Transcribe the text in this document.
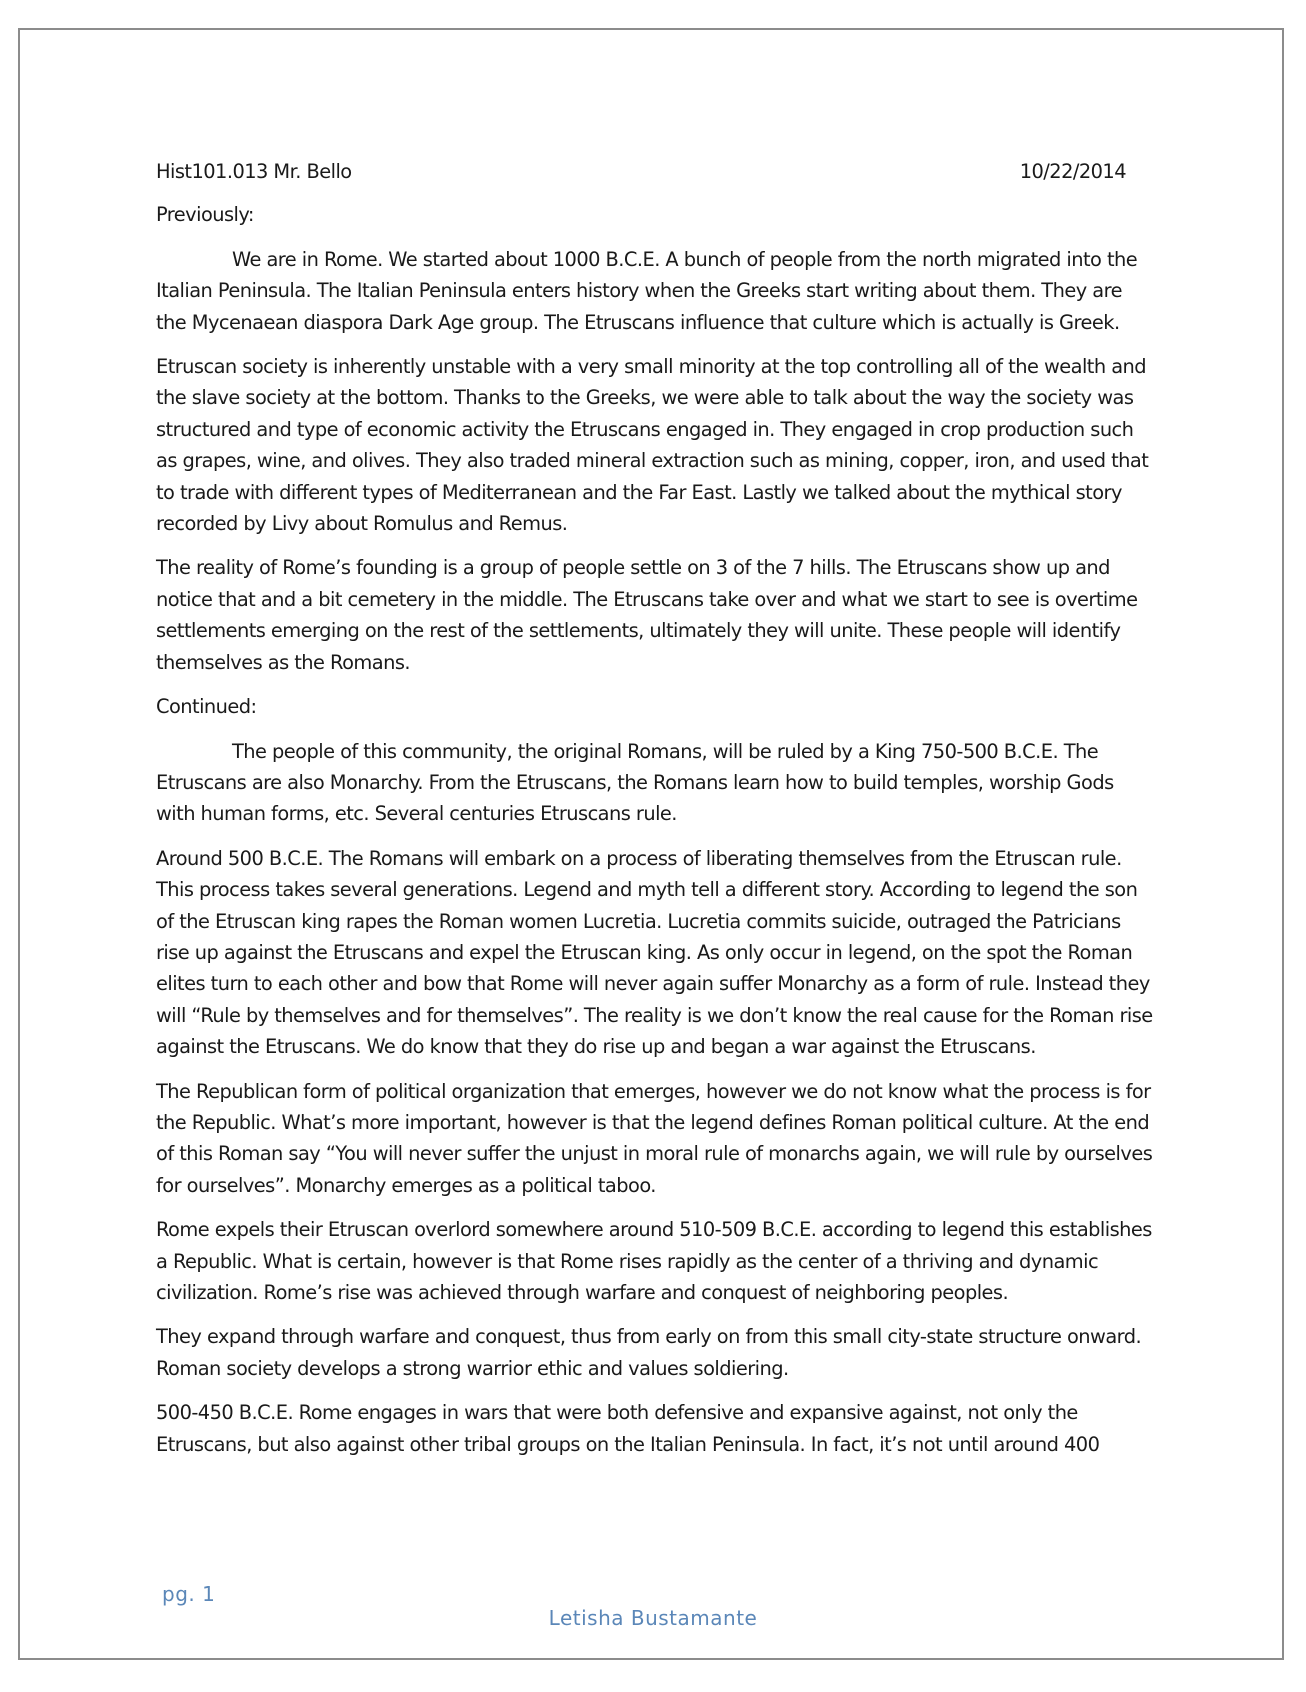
Hist101.013 Mr. Bello	10/22/2014

Previously:

We are in Rome. We started about 1000 B.C.E. A bunch of people from the north migrated into the Italian Peninsula. The Italian Peninsula enters history when the Greeks start writing about them. They are the Mycenaean diaspora Dark Age group. The Etruscans influence that culture which is actually is Greek.

Etruscan society is inherently unstable with a very small minority at the top controlling all of the wealth and the slave society at the bottom. Thanks to the Greeks, we were able to talk about the way the society was structured and type of economic activity the Etruscans engaged in. They engaged in crop production such as grapes, wine, and olives. They also traded mineral extraction such as mining, copper, iron, and used that to trade with different types of Mediterranean and the Far East. Lastly we talked about the mythical story recorded by Livy about Romulus and Remus.

The reality of Rome’s founding is a group of people settle on 3 of the 7 hills. The Etruscans show up and notice that and a bit cemetery in the middle. The Etruscans take over and what we start to see is overtime settlements emerging on the rest of the settlements, ultimately they will unite. These people will identify themselves as the Romans.

Continued:

The people of this community, the original Romans, will be ruled by a King 750-500 B.C.E. The Etruscans are also Monarchy. From the Etruscans, the Romans learn how to build temples, worship Gods with human forms, etc. Several centuries Etruscans rule.

Around 500 B.C.E. The Romans will embark on a process of liberating themselves from the Etruscan rule. This process takes several generations. Legend and myth tell a different story. According to legend the son of the Etruscan king rapes the Roman women Lucretia. Lucretia commits suicide, outraged the Patricians rise up against the Etruscans and expel the Etruscan king. As only occur in legend, on the spot the Roman elites turn to each other and bow that Rome will never again suffer Monarchy as a form of rule. Instead they will “Rule by themselves and for themselves”. The reality is we don’t know the real cause for the Roman rise against the Etruscans. We do know that they do rise up and began a war against the Etruscans.

The Republican form of political organization that emerges, however we do not know what the process is for the Republic. What’s more important, however is that the legend defines Roman political culture. At the end of this Roman say “You will never suffer the unjust in moral rule of monarchs again, we will rule by ourselves for ourselves”. Monarchy emerges as a political taboo.

Rome expels their Etruscan overlord somewhere around 510-509 B.C.E. according to legend this establishes a Republic. What is certain, however is that Rome rises rapidly as the center of a thriving and dynamic civilization. Rome’s rise was achieved through warfare and conquest of neighboring peoples.

They expand through warfare and conquest, thus from early on from this small city-state structure onward. Roman society develops a strong warrior ethic and values soldiering.

500-450 B.C.E. Rome engages in wars that were both defensive and expansive against, not only the Etruscans, but also against other tribal groups on the Italian Peninsula. In fact, it’s not until around 400

pg. 1
Letisha Bustamante
